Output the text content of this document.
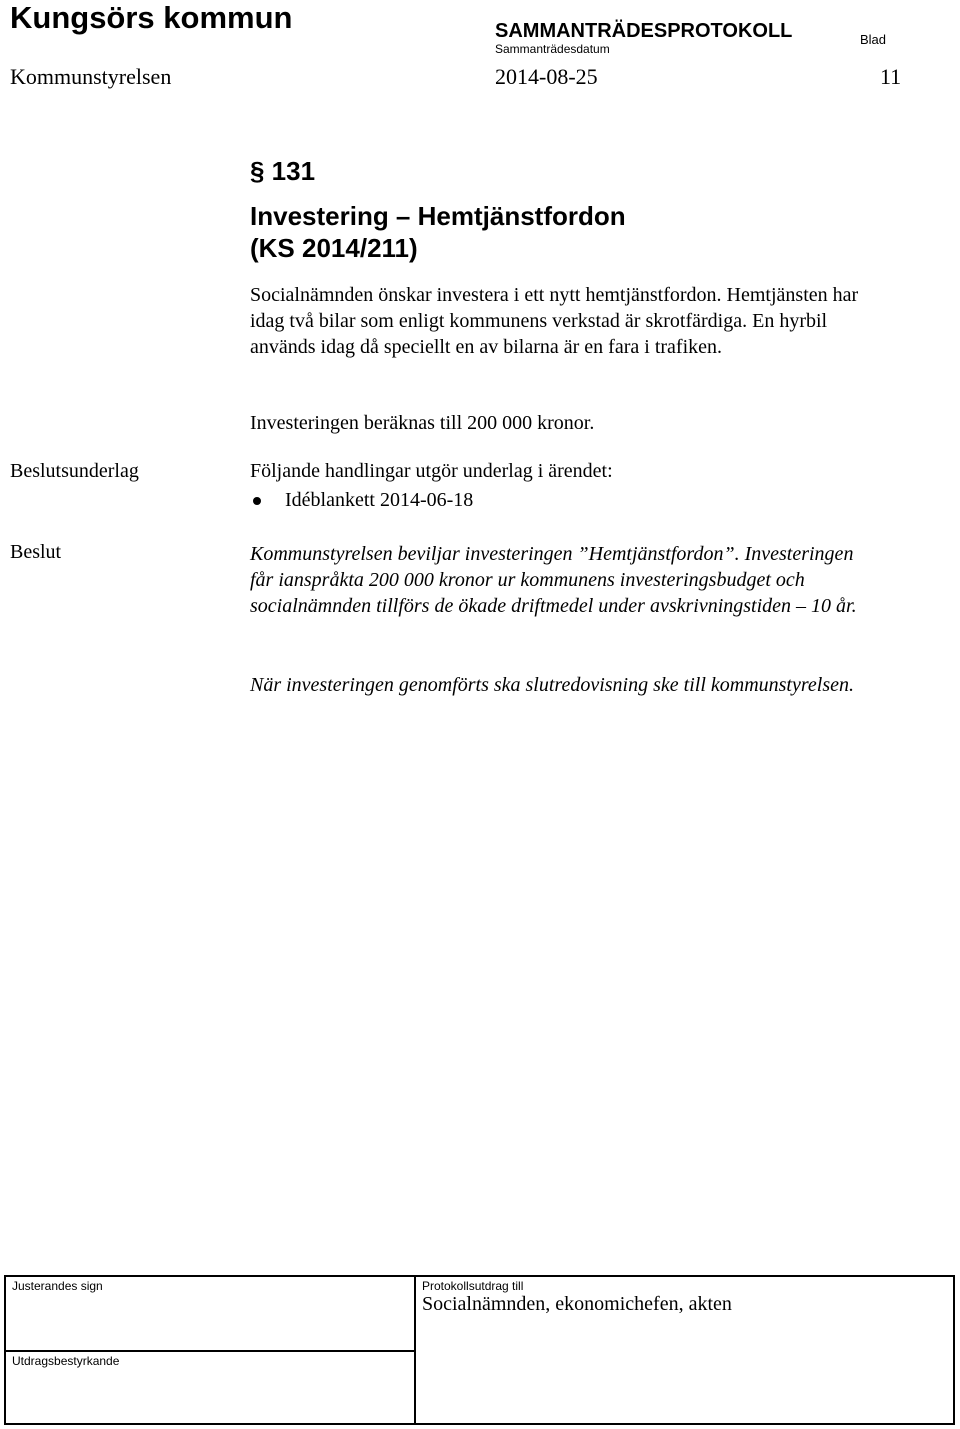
Kungsörs kommun	SAMMANTRÄDESPROTOKOLL
Sammanträdesdatum
Blad
Kommunstyrelsen	2014-08-25	11
§ 131
Investering – Hemtjänstfordon
(KS 2014/211)
Socialnämnden önskar investera i ett nytt hemtjänstfordon. Hemtjänsten har idag två bilar som enligt kommunens verkstad är skrotfärdiga. En hyrbil används idag då speciellt en av bilarna är en fara i trafiken.
Investeringen beräknas till 200 000 kronor.
Beslutsunderlag	Följande handlingar utgör underlag i ärendet:
Idéblankett 2014-06-18
Beslut	Kommunstyrelsen beviljar investeringen ”Hemtjänstfordon”. Investeringen får ianspråkta 200 000 kronor ur kommunens investeringsbudget och socialnämnden tillförs de ökade driftmedel under avskrivningstiden – 10 år.
När investeringen genomförts ska slutredovisning ske till kommunstyrelsen.
Justerandes sign	Protokollsutdrag till
Socialnämnden, ekonomichefen, akten
Utdragsbestyrkande
